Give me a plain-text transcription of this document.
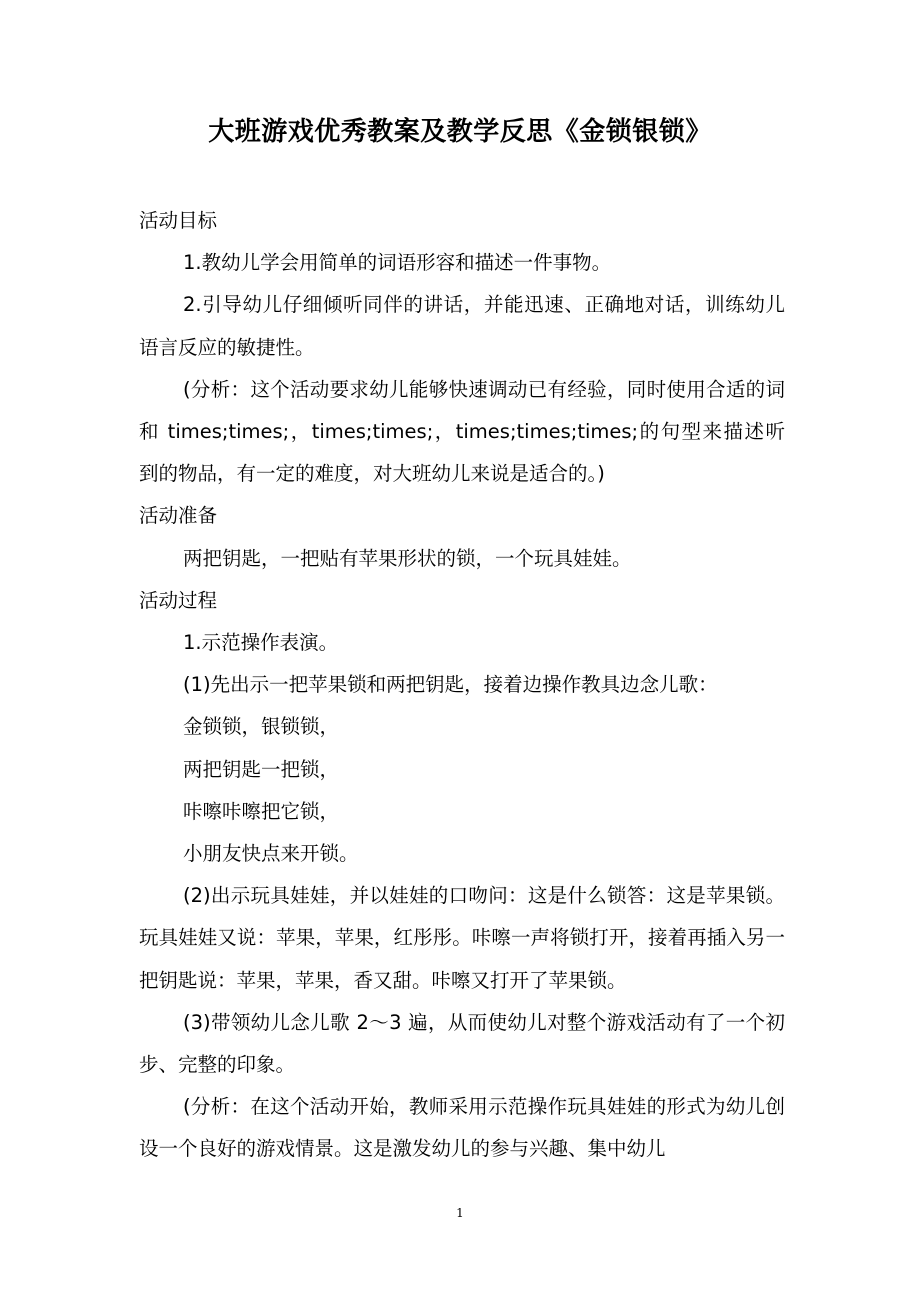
大班游戏优秀教案及教学反思《金锁银锁》

活动目标

1.教幼儿学会用简单的词语形容和描述一件事物。

2.引导幼儿仔细倾听同伴的讲话，并能迅速、正确地对话，训练幼儿语言反应的敏捷性。

(分析：这个活动要求幼儿能够快速调动已有经验，同时使用合适的词和 times;times;，times;times;，times;times;times;的句型来描述听到的物品，有一定的难度，对大班幼儿来说是适合的。)

活动准备

两把钥匙，一把贴有苹果形状的锁，一个玩具娃娃。

活动过程

1.示范操作表演。

(1)先出示一把苹果锁和两把钥匙，接着边操作教具边念儿歌：

金锁锁，银锁锁，

两把钥匙一把锁，

咔嚓咔嚓把它锁，

小朋友快点来开锁。

(2)出示玩具娃娃，并以娃娃的口吻问：这是什么锁答：这是苹果锁。玩具娃娃又说：苹果，苹果，红彤彤。咔嚓一声将锁打开，接着再插入另一把钥匙说：苹果，苹果，香又甜。咔嚓又打开了苹果锁。

(3)带领幼儿念儿歌 2～3 遍，从而使幼儿对整个游戏活动有了一个初步、完整的印象。

(分析：在这个活动开始，教师采用示范操作玩具娃娃的形式为幼儿创设一个良好的游戏情景。这是激发幼儿的参与兴趣、集中幼儿

1
